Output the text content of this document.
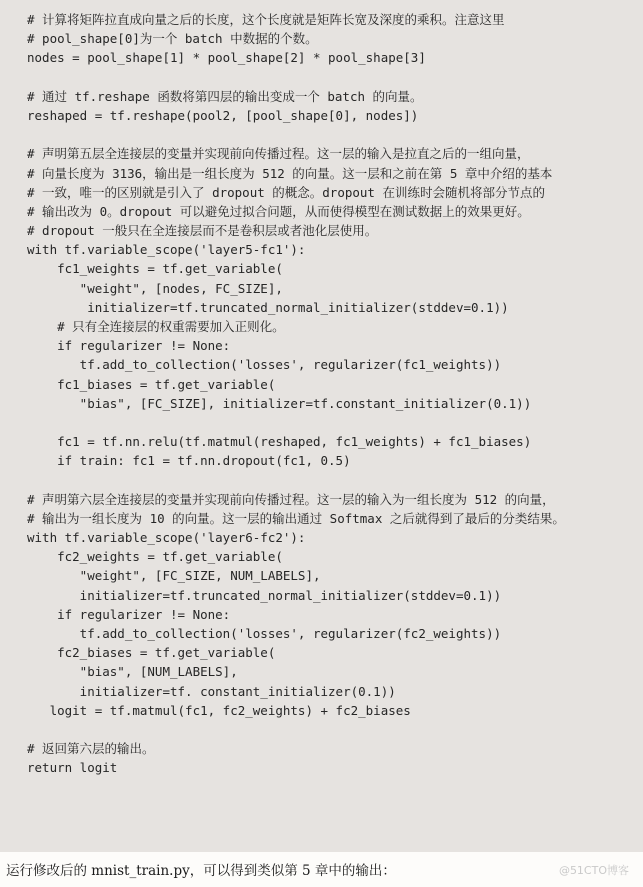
# 计算将矩阵拉直成向量之后的长度，这个长度就是矩阵长宽及深度的乘积。注意这里
# pool_shape[0]为一个 batch 中数据的个数。
nodes = pool_shape[1] * pool_shape[2] * pool_shape[3]
# 通过 tf.reshape 函数将第四层的输出变成一个 batch 的向量。
reshaped = tf.reshape(pool2, [pool_shape[0], nodes])
# 声明第五层全连接层的变量并实现前向传播过程。这一层的输入是拉直之后的一组向量，
# 向量长度为 3136，输出是一组长度为 512 的向量。这一层和之前在第 5 章中介绍的基本
# 一致，唯一的区别就是引入了 dropout 的概念。dropout 在训练时会随机将部分节点的
# 输出改为 0。dropout 可以避免过拟合问题，从而使得模型在测试数据上的效果更好。
# dropout 一般只在全连接层而不是卷积层或者池化层使用。
with tf.variable_scope('layer5-fc1'):
fc1_weights = tf.get_variable(
"weight", [nodes, FC_SIZE],
initializer=tf.truncated_normal_initializer(stddev=0.1))
# 只有全连接层的权重需要加入正则化。
if regularizer != None:
tf.add_to_collection('losses', regularizer(fc1_weights))
fc1_biases = tf.get_variable(
"bias", [FC_SIZE], initializer=tf.constant_initializer(0.1))
fc1 = tf.nn.relu(tf.matmul(reshaped, fc1_weights) + fc1_biases)
if train: fc1 = tf.nn.dropout(fc1, 0.5)
# 声明第六层全连接层的变量并实现前向传播过程。这一层的输入为一组长度为 512 的向量，
# 输出为一组长度为 10 的向量。这一层的输出通过 Softmax 之后就得到了最后的分类结果。
with tf.variable_scope('layer6-fc2'):
fc2_weights = tf.get_variable(
"weight", [FC_SIZE, NUM_LABELS],
initializer=tf.truncated_normal_initializer(stddev=0.1))
if regularizer != None:
tf.add_to_collection('losses', regularizer(fc2_weights))
fc2_biases = tf.get_variable(
"bias", [NUM_LABELS],
initializer=tf. constant_initializer(0.1))
logit = tf.matmul(fc1, fc2_weights) + fc2_biases
# 返回第六层的输出。
return logit
运行修改后的 mnist_train.py，可以得到类似第 5 章中的输出：	@51CTO博客
